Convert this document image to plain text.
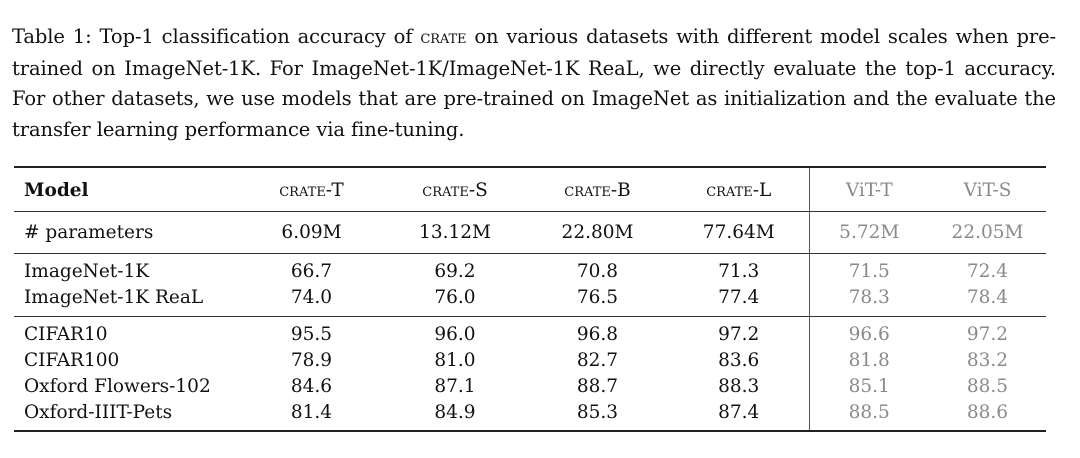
Table 1: Top-1 classification accuracy of crate on various datasets with different model scales when pre-trained on ImageNet-1K. For ImageNet-1K/ImageNet-1K ReaL, we directly evaluate the top-1 accuracy. For other datasets, we use models that are pre-trained on ImageNet as initialization and the evaluate the transfer learning performance via fine-tuning.
Model	crate-T	crate-S	crate-B	crate-L	ViT-T	ViT-S
# parameters	6.09M	13.12M	22.80M	77.64M	5.72M	22.05M
ImageNet-1K	66.7	69.2	70.8	71.3	71.5	72.4
ImageNet-1K ReaL	74.0	76.0	76.5	77.4	78.3	78.4
CIFAR10	95.5	96.0	96.8	97.2	96.6	97.2
CIFAR100	78.9	81.0	82.7	83.6	81.8	83.2
Oxford Flowers-102	84.6	87.1	88.7	88.3	85.1	88.5
Oxford-IIIT-Pets	81.4	84.9	85.3	87.4	88.5	88.6
